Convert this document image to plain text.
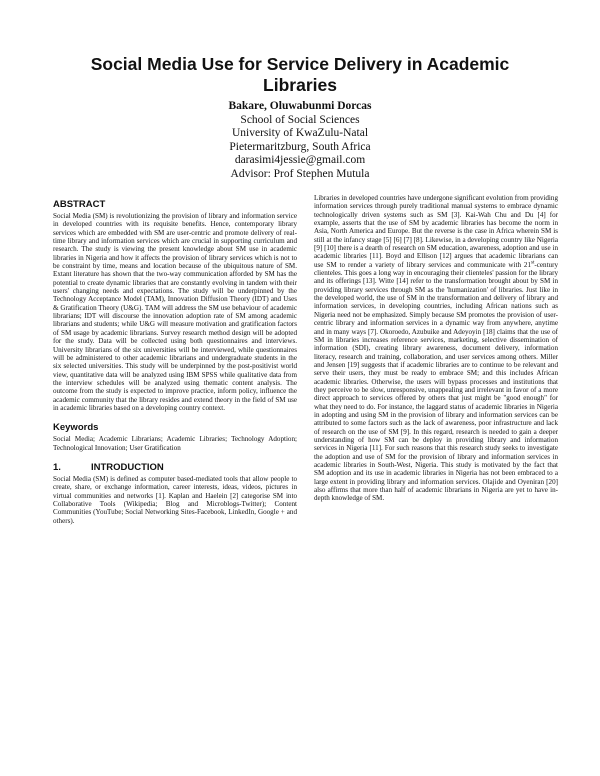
Social Media Use for Service Delivery in Academic Libraries
Bakare, Oluwabunmi Dorcas
School of Social Sciences
University of KwaZulu-Natal
Pietermaritzburg, South Africa
darasimi4jessie@gmail.com
Advisor: Prof Stephen Mutula
ABSTRACT

Social Media (SM) is revolutionizing the provision of library and information service in developed countries with its requisite benefits. Hence, contemporary library services which are embedded with SM are user-centric and promote delivery of real-time library and information services which are crucial in supporting curriculum and research. The study is viewing the present knowledge about SM use in academic libraries in Nigeria and how it affects the provision of library services which is not to be constraint by time, means and location because of the ubiquitous nature of SM. Extant literature has shown that the two-way communication afforded by SM has the potential to create dynamic libraries that are constantly evolving in tandem with their users' changing needs and expectations. The study will be underpinned by the Technology Acceptance Model (TAM), Innovation Diffusion Theory (IDT) and Uses & Gratification Theory (U&G). TAM will address the SM use behaviour of academic librarians; IDT will discourse the innovation adoption rate of SM among academic librarians and students; while U&G will measure motivation and gratification factors of SM usage by academic librarians. Survey research method design will be adopted for the study. Data will be collected using both questionnaires and interviews. University librarians of the six universities will be interviewed, while questionnaires will be administered to other academic librarians and undergraduate students in the six selected universities. This study will be underpinned by the post-positivist world view, quantitative data will be analyzed using IBM SPSS while qualitative data from the interview schedules will be analyzed using thematic content analysis. The outcome from the study is expected to improve practice, inform policy, influence the academic community that the library resides and extend theory in the field of SM use in academic libraries based on a developing country context.

Keywords

Social Media; Academic Librarians; Academic Libraries; Technology Adoption; Technological Innovation; User Gratification

1.	INTRODUCTION

Social Media (SM) is defined as computer based-mediated tools that allow people to create, share, or exchange information, career interests, ideas, videos, pictures in virtual communities and networks [1]. Kaplan and Haelein [2] categorise SM into Collaborative Tools (Wikipedia; Blog and Microblogs-Twitter); Content Communities (YouTube; Social Networking Sites-Facebook, LinkedIn, Google + and others).

Libraries in developed countries have undergone significant evolution from providing information services through purely traditional manual systems to embrace dynamic technologically driven systems such as SM [3]. Kai-Wah Chu and Du [4] for example, asserts that the use of SM by academic libraries has become the norm in Asia, North America and Europe. But the reverse is the case in Africa wherein SM is still at the infancy stage [5] [6] [7] [8]. Likewise, in a developing country like Nigeria [9] [10] there is a dearth of research on SM education, awareness, adoption and use in academic libraries [11]. Boyd and Ellison [12] argues that academic librarians can use SM to render a variety of library services and communicate with 21st-century clienteles. This goes a long way in encouraging their clienteles' passion for the library and its offerings [13]. Witte [14] refer to the transformation brought about by SM in providing library services through SM as the 'humanization' of libraries. Just like in the developed world, the use of SM in the transformation and delivery of library and information services, in developing countries, including African nations such as Nigeria need not be emphasized. Simply because SM promotes the provision of user-centric library and information services in a dynamic way from anywhere, anytime and in many ways [7]. Okoroedo, Azubuike and Adeyoyin [18] claims that the use of SM in libraries increases reference services, marketing, selective dissemination of information (SDI), creating library awareness, document delivery, information literacy, research and training, collaboration, and user services among others. Miller and Jensen [19] suggests that if academic libraries are to continue to be relevant and serve their users, they must be ready to embrace SM; and this includes African academic libraries. Otherwise, the users will bypass processes and institutions that they perceive to be slow, unresponsive, unappealing and irrelevant in favor of a more direct approach to services offered by others that just might be "good enough" for what they need to do. For instance, the laggard status of academic libraries in Nigeria in adopting and using SM in the provision of library and information services can be attributed to some factors such as the lack of awareness, poor infrastructure and lack of research on the use of SM [9]. In this regard, research is needed to gain a deeper understanding of how SM can be deploy in providing library and information services in Nigeria [11]. For such reasons that this research study seeks to investigate the adoption and use of SM for the provision of library and information services in academic libraries in South-West, Nigeria. This study is motivated by the fact that SM adoption and its use in academic libraries in Nigeria has not been embraced to a large extent in providing library and information services. Olajide and Oyeniran [20] also affirms that more than half of academic librarians in Nigeria are yet to have in-depth knowledge of SM.
